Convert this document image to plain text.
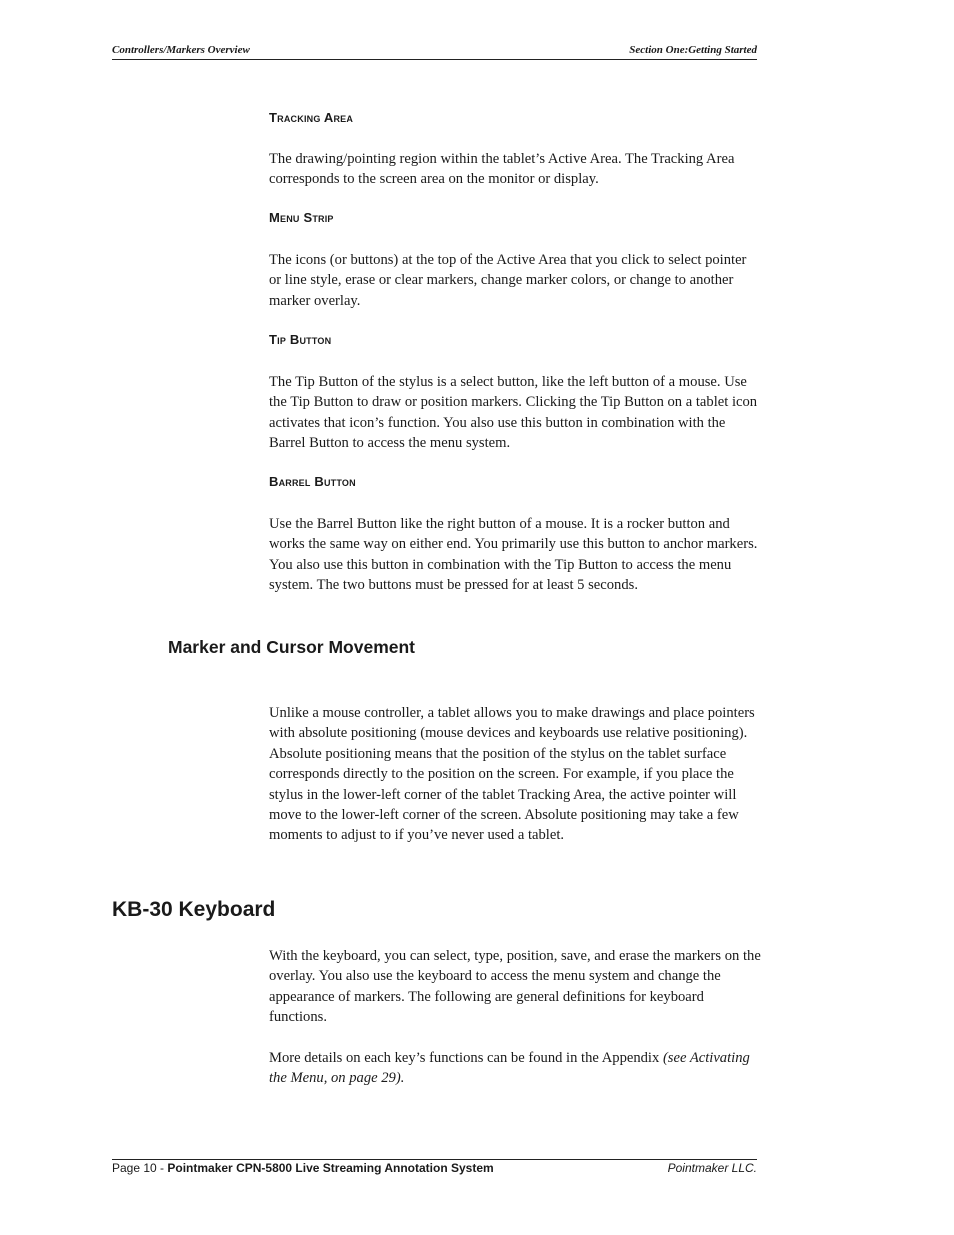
Controllers/Markers Overview	Section One:Getting Started
Tracking Area

The drawing/pointing region within the tablet’s Active Area. The Tracking Area corresponds to the screen area on the monitor or display.

Menu Strip

The icons (or buttons) at the top of the Active Area that you click to select pointer or line style, erase or clear markers, change marker colors, or change to another marker overlay.

Tip Button

The Tip Button of the stylus is a select button, like the left button of a mouse. Use the Tip Button to draw or position markers. Clicking the Tip Button on a tablet icon activates that icon’s function. You also use this button in combination with the Barrel Button to access the menu system.

Barrel Button

Use the Barrel Button like the right button of a mouse. It is a rocker button and works the same way on either end. You primarily use this button to anchor markers. You also use this button in combination with the Tip Button to access the menu system. The two buttons must be pressed for at least 5 seconds.

Marker and Cursor Movement

Unlike a mouse controller, a tablet allows you to make drawings and place pointers with absolute positioning (mouse devices and keyboards use relative positioning). Absolute positioning means that the position of the stylus on the tablet surface corresponds directly to the position on the screen. For example, if you place the stylus in the lower-left corner of the tablet Tracking Area, the active pointer will move to the lower-left corner of the screen. Absolute positioning may take a few moments to adjust to if you’ve never used a tablet.

KB-30 Keyboard

With the keyboard, you can select, type, position, save, and erase the markers on the overlay. You also use the keyboard to access the menu system and change the appearance of markers. The following are general definitions for keyboard functions.

More details on each key’s functions can be found in the Appendix (see Activating the Menu, on page 29).

Page 10 - Pointmaker CPN-5800 Live Streaming Annotation System	Pointmaker LLC.
